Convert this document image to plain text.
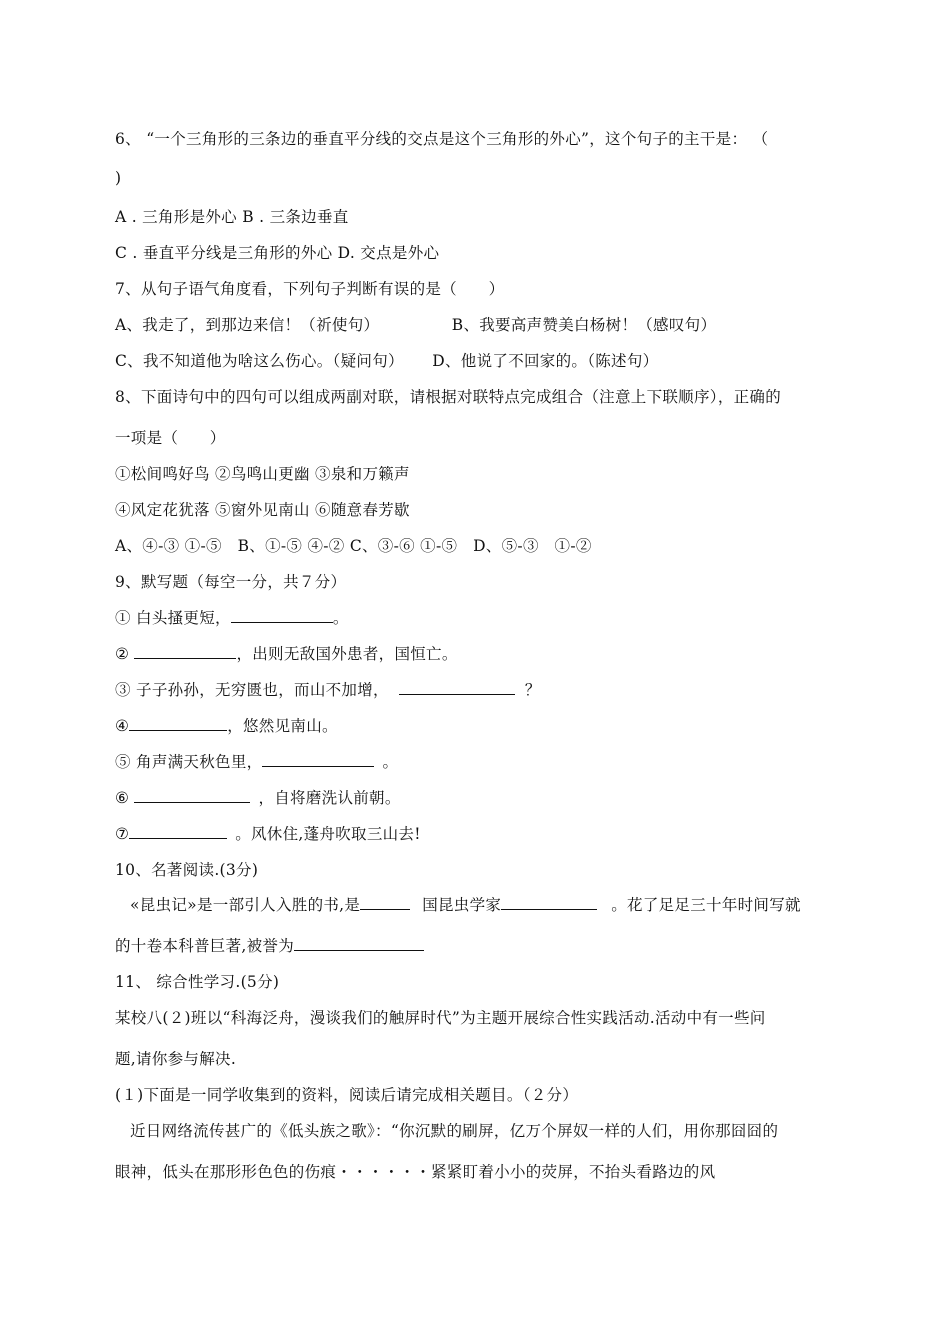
6、 “一个三角形的三条边的垂直平分线的交点是这个三角形的外心”，这个句子的主干是： （
)
A . 三角形是外心 B . 三条边垂直
C . 垂直平分线是三角形的外心 D. 交点是外心
7、从句子语气角度看，下列句子判断有误的是（　　）
A、我走了，到那边来信！（祈使句）	B、我要高声赞美白杨树！（感叹句）
C、我不知道他为啥这么伤心。（疑问句） D、他说了不回家的。（陈述句）
8、下面诗句中的四句可以组成两副对联，请根据对联特点完成组合（注意上下联顺序），正确的
一项是（　　）
①松间鸣好鸟 ②鸟鸣山更幽 ③泉和万籁声
④风定花犹落 ⑤窗外见南山 ⑥随意春芳歇
A、④-③ ①-⑤　B、①-⑤ ④-② C、③-⑥ ①-⑤　D、⑤-③　①-②
9、默写题（每空一分，共７分）
① 白头搔更短，	。
②	，出则无敌国外患者，国恒亡。
③ 子子孙孙，无穷匮也，而山不加增，	？
④	，悠然见南山。
⑤ 角声满天秋色里，	。
⑥	，自将磨洗认前朝。
⑦	。风休住,蓬舟吹取三山去!
10、名著阅读.(3分)
«昆虫记»是一部引人入胜的书,是	国昆虫学家	。花了足足三十年时间写就
的十卷本科普巨著,被誉为
11、 综合性学习.(5分)
某校八(２)班以“科海泛舟，漫谈我们的触屏时代”为主题开展综合性实践活动.活动中有一些问
题,请你参与解决.
(１)下面是一同学收集到的资料，阅读后请完成相关题目。（２分）
近日网络流传甚广的《低头族之歌》：“你沉默的刷屏，亿万个屏奴一样的人们，用你那囧囧的
眼神，低头在那形形色色的伤痕・・・・・・紧紧盯着小小的荧屏，不抬头看路边的风
